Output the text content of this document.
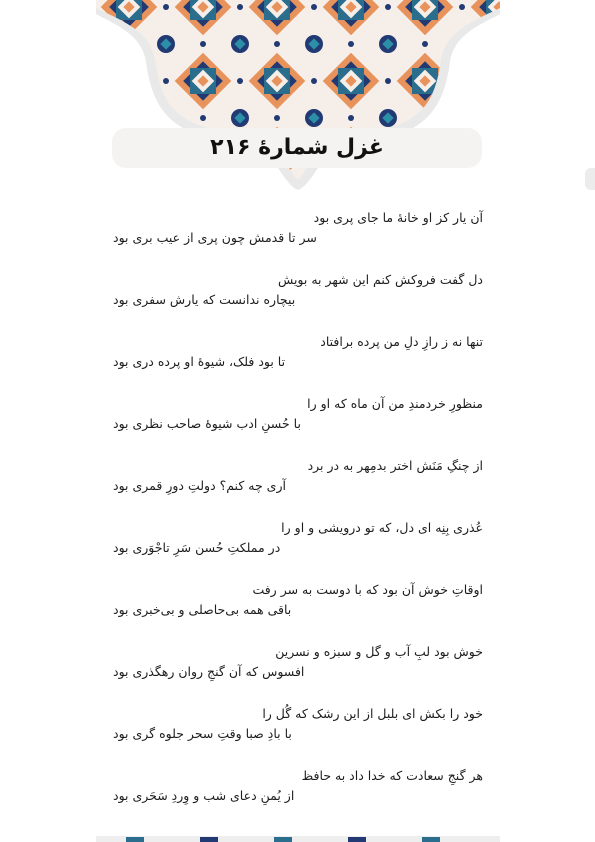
غزل شمارهٔ ۲۱۶
آن یار کز او خانهٔ ما جای پری بود
سر تا قدمش چون پری از عیب بری بود
دل گفت فروکش کنم این شهر به بویش
بیچاره ندانست که یارش سفری بود
تنها نه ز رازِ دلِ من پرده برافتاد
تا بود فلک، شیوهٔ او پرده دری بود
منظورِ خردمندِ من آن ماه که او را
با حُسنِ ادب شیوهٔ صاحب نظری بود
از چنگِ مَنَش اختر بدمِهر به در برد
آری چه کنم؟ دولتِ دورِ قمری بود
عُذری بِنِه ای دل، که تو درویشی و او را
در مملکتِ حُسن سَرِ تاجْوَری بود
اوقاتِ خوش آن بود که با دوست به سر رفت
باقی همه بی‌حاصلی و بی‌خبری بود
خوش بود لبِ آب و گل و سبزه و نسرین
افسوس که آن گنجِ روان رهگذری بود
خود را بکش ای بلبل از این رشک که گُل را
با بادِ صبا وقتِ سحر جلوه گری بود
هر گنجِ سعادت که خدا داد به حافظ
از یُمنِ دعای شب و وِردِ سَحَری بود
